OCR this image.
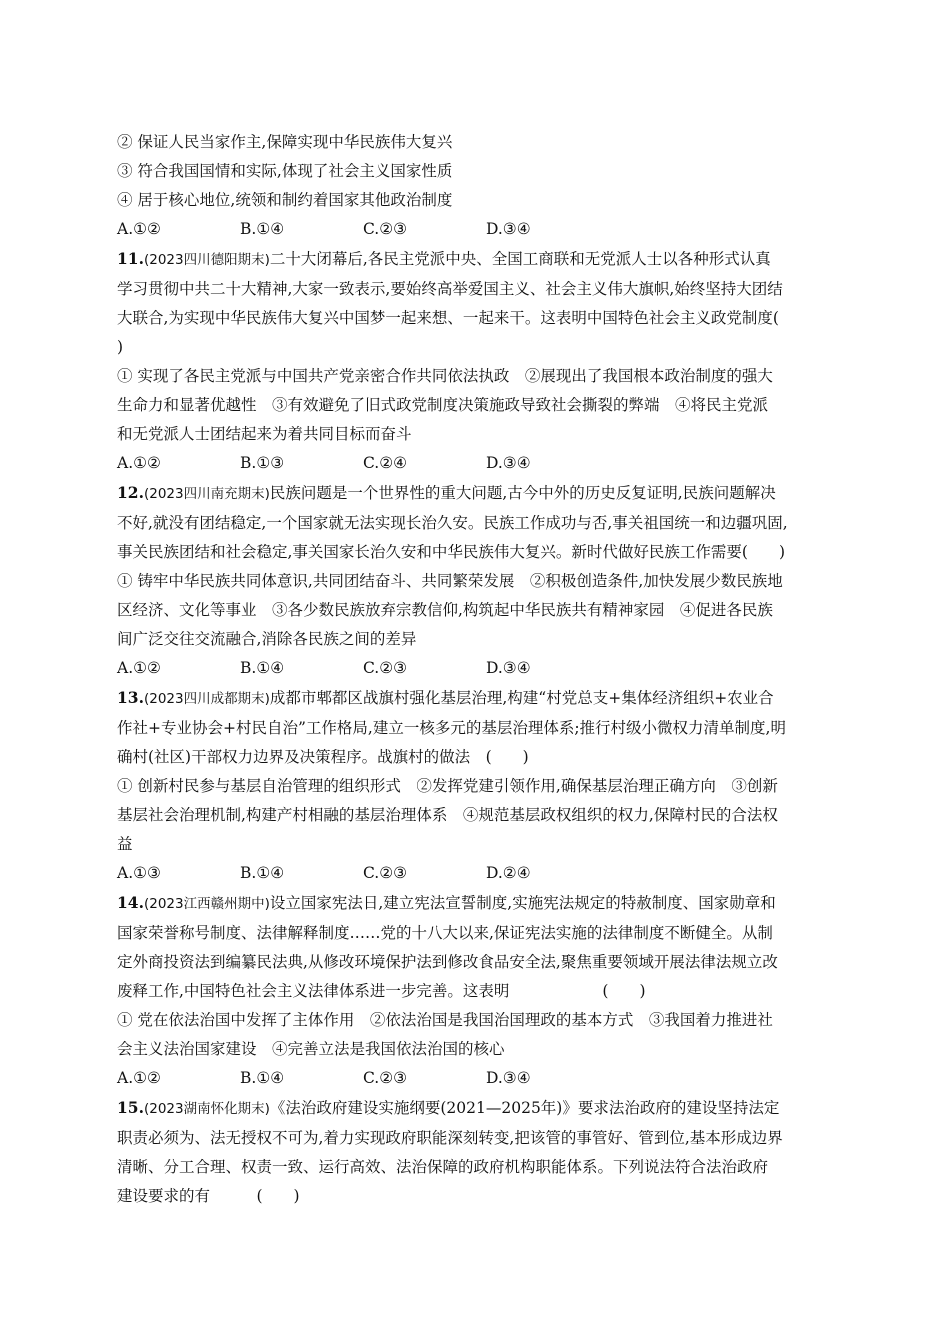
② 保证人民当家作主,保障实现中华民族伟大复兴
③ 符合我国国情和实际,体现了社会主义国家性质
④ 居于核心地位,统领和制约着国家其他政治制度
A.①②	B.①④	C.②③	D.③④
11.(2023四川德阳期末)二十大闭幕后,各民主党派中央、全国工商联和无党派人士以各种形式认真
学习贯彻中共二十大精神,大家一致表示,要始终高举爱国主义、社会主义伟大旗帜,始终坚持大团结
大联合,为实现中华民族伟大复兴中国梦一起来想、一起来干。这表明中国特色社会主义政党制度(
)
① 实现了各民主党派与中国共产党亲密合作共同依法执政　②展现出了我国根本政治制度的强大
生命力和显著优越性　③有效避免了旧式政党制度决策施政导致社会撕裂的弊端　④将民主党派
和无党派人士团结起来为着共同目标而奋斗
A.①②	B.①③	C.②④	D.③④
12.(2023四川南充期末)民族问题是一个世界性的重大问题,古今中外的历史反复证明,民族问题解决
不好,就没有团结稳定,一个国家就无法实现长治久安。民族工作成功与否,事关祖国统一和边疆巩固,
事关民族团结和社会稳定,事关国家长治久安和中华民族伟大复兴。新时代做好民族工作需要(　　)
① 铸牢中华民族共同体意识,共同团结奋斗、共同繁荣发展　②积极创造条件,加快发展少数民族地
区经济、文化等事业　③各少数民族放弃宗教信仰,构筑起中华民族共有精神家园　④促进各民族
间广泛交往交流融合,消除各民族之间的差异
A.①②	B.①④	C.②③	D.③④
13.(2023四川成都期末)成都市郫都区战旗村强化基层治理,构建“村党总支+集体经济组织+农业合
作社+专业协会+村民自治”工作格局,建立一核多元的基层治理体系;推行村级小微权力清单制度,明
确村(社区)干部权力边界及决策程序。战旗村的做法　(　　)
① 创新村民参与基层自治管理的组织形式　②发挥党建引领作用,确保基层治理正确方向　③创新
基层社会治理机制,构建产村相融的基层治理体系　④规范基层政权组织的权力,保障村民的合法权
益
A.①③	B.①④	C.②③	D.②④
14.(2023江西赣州期中)设立国家宪法日,建立宪法宣誓制度,实施宪法规定的特赦制度、国家勋章和
国家荣誉称号制度、法律解释制度……党的十八大以来,保证宪法实施的法律制度不断健全。从制
定外商投资法到编纂民法典,从修改环境保护法到修改食品安全法,聚焦重要领域开展法律法规立改
废释工作,中国特色社会主义法律体系进一步完善。这表明　　　　　　(　　)
① 党在依法治国中发挥了主体作用　②依法治国是我国治国理政的基本方式　③我国着力推进社
会主义法治国家建设　④完善立法是我国依法治国的核心
A.①②	B.①④	C.②③	D.③④
15.(2023湖南怀化期末)《法治政府建设实施纲要(2021—2025年)》要求法治政府的建设坚持法定
职责必须为、法无授权不可为,着力实现政府职能深刻转变,把该管的事管好、管到位,基本形成边界
清晰、分工合理、权责一致、运行高效、法治保障的政府机构职能体系。下列说法符合法治政府
建设要求的有　　　(　　)
